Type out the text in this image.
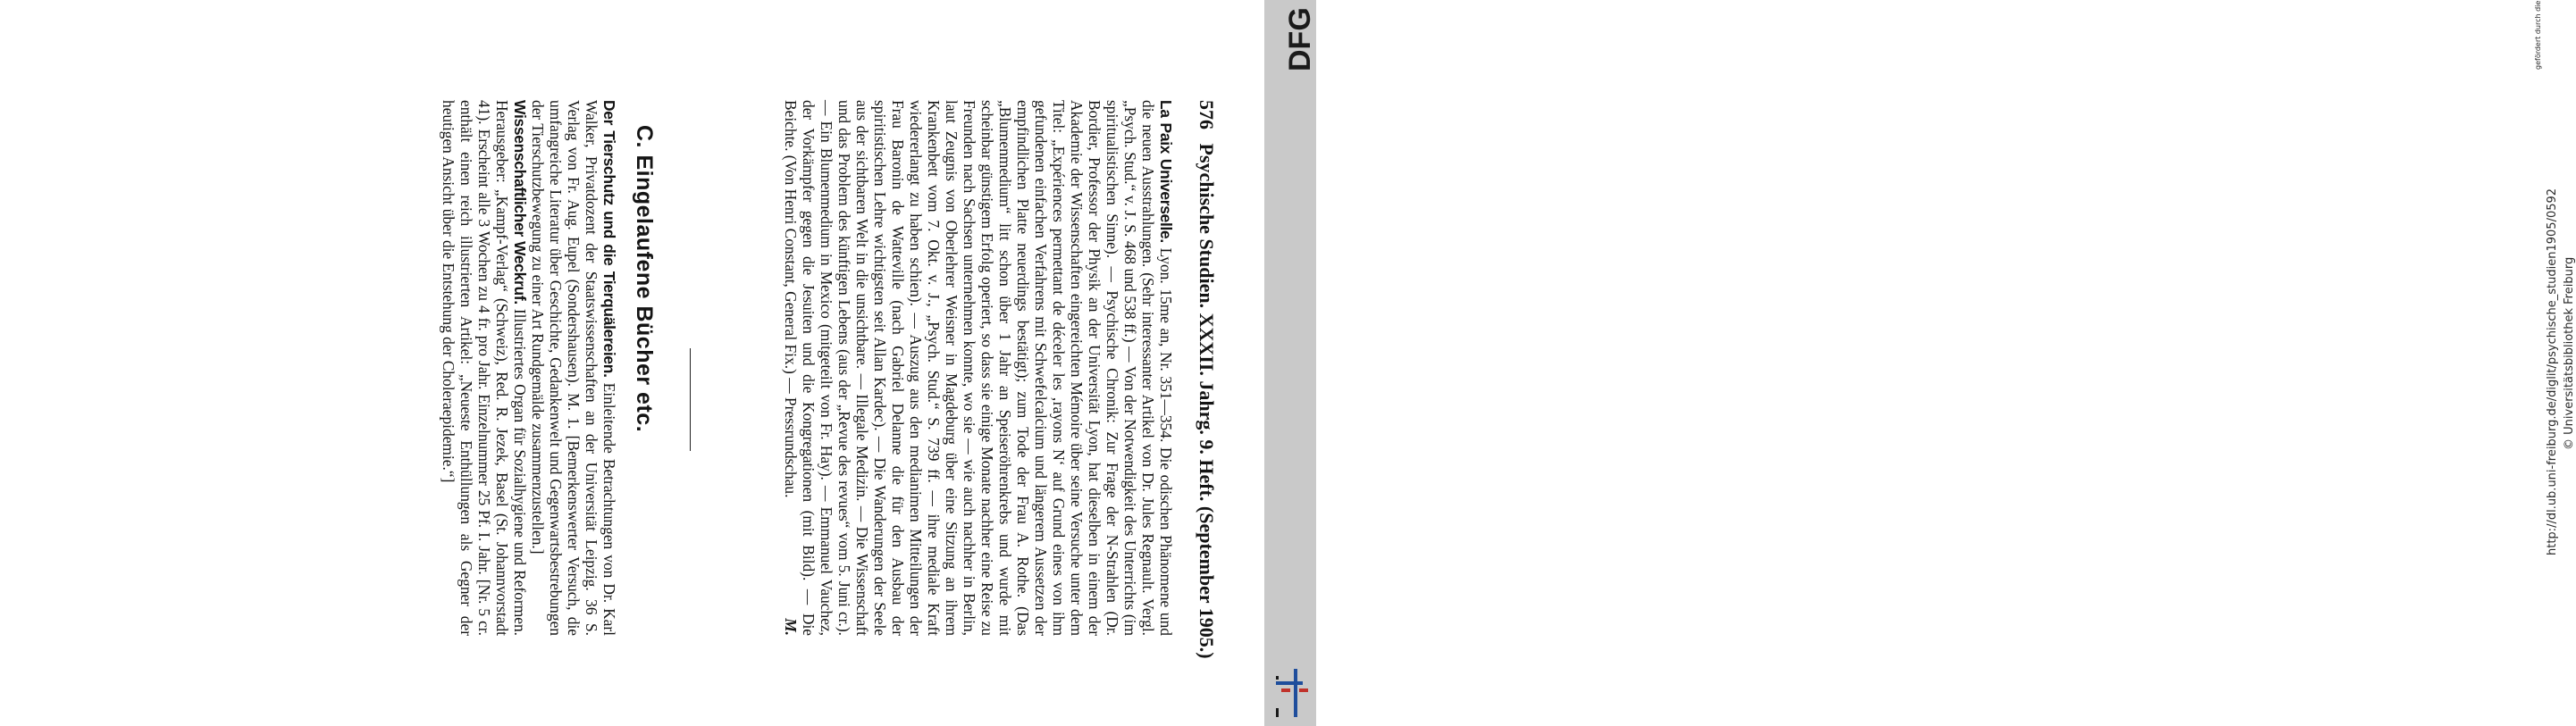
576 Psychische Studien. XXXII. Jahrg. 9. Heft. (September 1905.)

La Paix Universelle. Lyon. 15me an, Nr. 351—354. Die odischen Phänomene und die neuen Ausstrahlungen. (Sehr interessanter Artikel von Dr. Jules Regnault. Vergl. „Psych. Stud.“ v. J. S. 468 und 538 ff.) — Von der Notwendigkeit des Unterrichts (im spiritualistischen Sinne). — Psychische Chronik: Zur Frage der N-Strahlen (Dr. Bordier, Professor der Physik an der Universität Lyon, hat dieselben in einem der Akademie der Wissenschaften eingereichten Mémoire über seine Versuche unter dem Titel: „Expériences permettant de déceler les ‚rayons N‘ auf Grund eines von ihm gefundenen einfachen Verfahrens mit Schwefelcalcium und längerem Aussetzen der empfindlichen Platte neuerdings bestätigt); zum Tode der Frau A. Rothe. (Das „Blumenmedium“ litt schon über 1 Jahr an Speiseröhrenkrebs und wurde mit scheinbar günstigem Erfolg operiert, so dass sie einige Monate nachher eine Reise zu Freunden nach Sachsen unternehmen konnte, wo sie — wie auch nachher in Berlin, laut Zeugnis von Oberlehrer Weisner in Magdeburg über eine Sitzung an ihrem Krankenbett vom 7. Okt. v. J., „Psych. Stud.“ S. 739 ff. — ihre mediale Kraft wiedererlangt zu haben schien). — Auszug aus den medianimen Mitteilungen der Frau Baronin de Watteville (nach Gabriel Delanne die für den Ausbau der spiritistischen Lehre wichtigsten seit Allan Kardec). — Die Wanderungen der Seele aus der sichtbaren Welt in die unsichtbare. — Illegale Medizin. — Die Wissenschaft und das Problem des künftigen Lebens (aus der „Revue des revues“ vom 5. Juni cr.). — Ein Blumenmedium in Mexico (mitgeteilt von Fr. Hay). — Emmanuel Vauchez, der Vorkämpfer gegen die Jesuiten und die Kongregationen (mit Bild). — Die Beichte. (Von Henri Constant, General Fix.) — Pressrundschau.
M.

C. Eingelaufene Bücher etc.

Der Tierschutz und die Tierquälereien. Einleitende Betrachtungen von Dr. Karl Walker, Privatdozent der Staatswissenschaften an der Universität Leipzig. 36 S. Verlag von Fr. Aug. Eupel (Sondershausen). M. 1. [Bemerkenswerter Versuch, die umfangreiche Literatur über Geschichte, Gedankenwelt und Gegenwartsbestrebungen der Tierschutzbewegung zu einer Art Rundgemälde zusammenzustellen.]

Wissenschaftlicher Weckruf. Illustriertes Organ für Sozialhygiene und Reformen. Herausgeber: „Kampf-Verlag“ (Schweiz), Red. R. Jezek, Basel (St. Johannvorstadt 41). Erscheint alle 3 Wochen zu 4 fr. pro Jahr. Einzelnummer 25 Pf. I. Jahr. [Nr. 5 cr. enthält einen reich illustrierten Artikel: „Neueste Enthüllungen als Gegner der heutigen Ansicht über die Entstehung der Choleraepidemie.“]	http://dl.ub.uni-freiburg.de/diglit/psychische_studien1905/0592 © Universitätsbibliothek Freiburg
gefördert durch die
DFG
